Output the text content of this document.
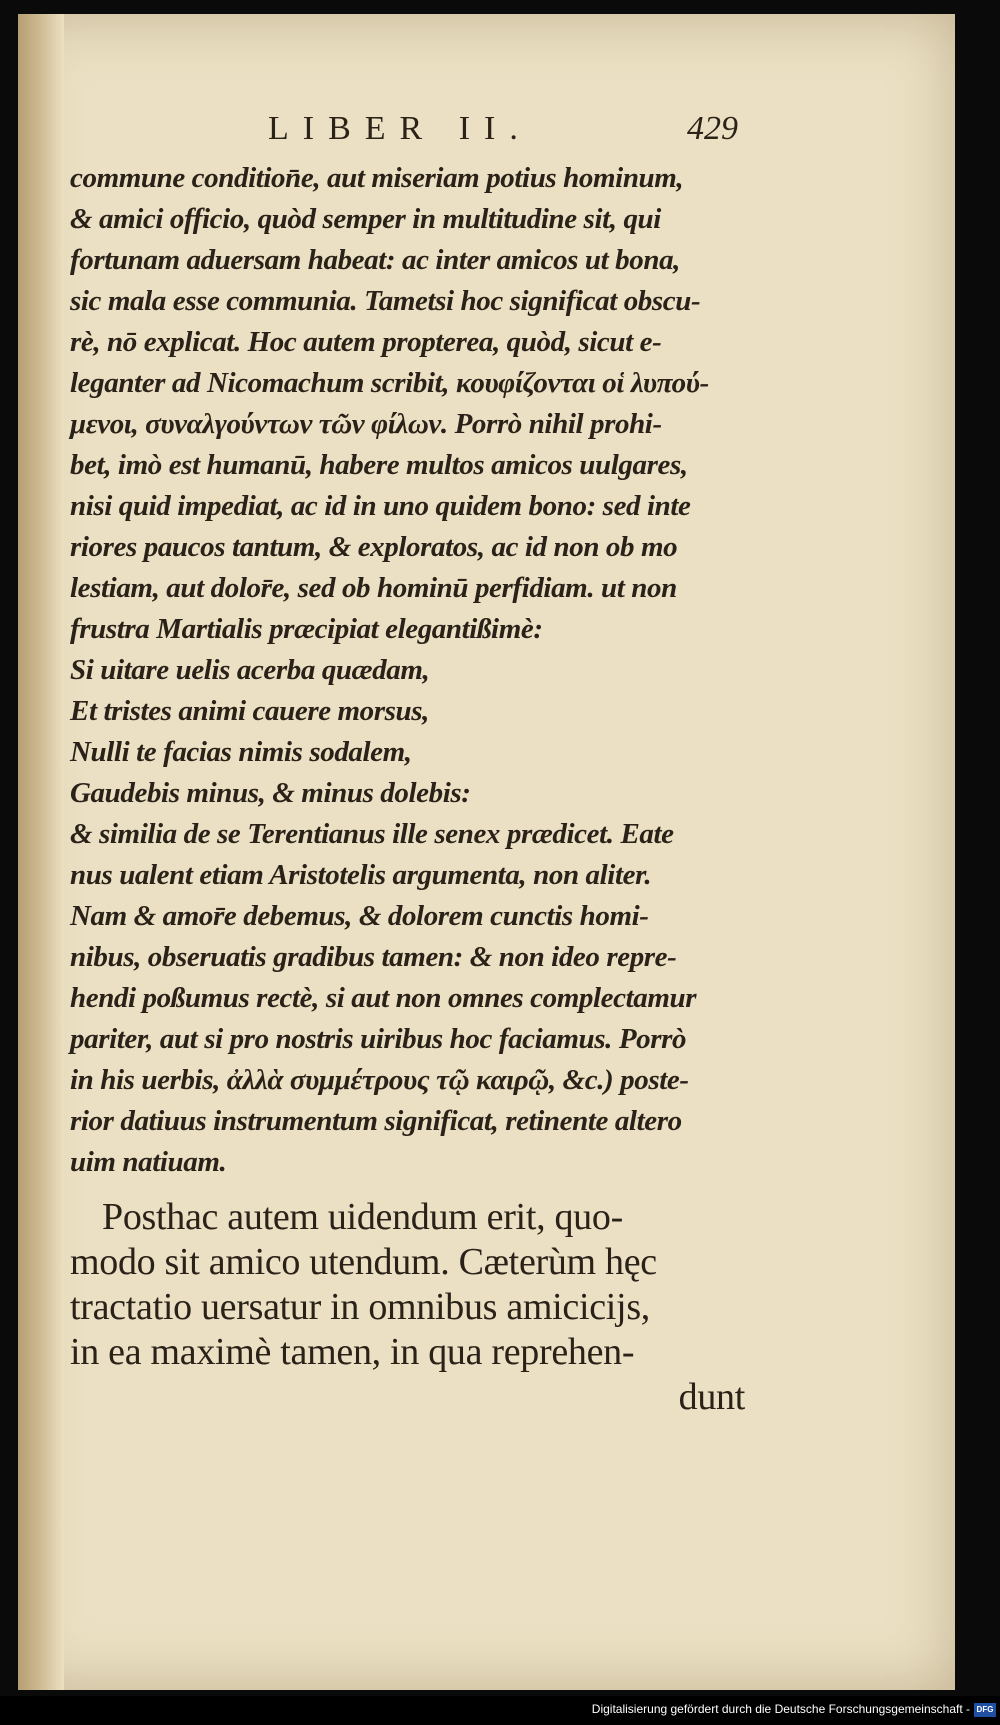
LIBER II.	429
commune condition̄e, aut miseriam potius hominum,
& amici officio, quòd semper in multitudine sit, qui
fortunam aduersam habeat: ac inter amicos ut bona,
sic mala esse communia. Tametsi hoc significat obscu-
rè, nō explicat. Hoc autem propterea, quòd, sicut e-
leganter ad Nicomachum scribit, κουφίζονται οἱ λυπού-
μενοι, συναλγούντων τῶν φίλων. Porrò nihil prohi-
bet, imò est humanū, habere multos amicos uulgares,
nisi quid impediat, ac id in uno quidem bono: sed inte
riores paucos tantum, & exploratos, ac id non ob mo
lestiam, aut dolor̄e, sed ob hominū perfidiam. ut non
frustra Martialis præcipiat elegantißimè:
Si uitare uelis acerba quædam,
Et tristes animi cauere morsus,
Nulli te facias nimis sodalem,
Gaudebis minus, & minus dolebis:
& similia de se Terentianus ille senex prædicet. Eate
nus ualent etiam Aristotelis argumenta, non aliter.
Nam & amor̄e debemus, & dolorem cunctis homi-
nibus, obseruatis gradibus tamen: & non ideo repre-
hendi poßumus rectè, si aut non omnes complectamur
pariter, aut si pro nostris uiribus hoc faciamus. Porrò
in his uerbis, ἀλλὰ συμμέτρους τῷ καιρῷ, &c.) poste-
rior datiuus instrumentum significat, retinente altero
uim natiuam.
Posthac autem uidendum erit, quo-
modo sit amico utendum. Cæterùm hęc
tractatio uersatur in omnibus amicicijs,
in ea maximè tamen, in qua reprehen-
dunt
Digitalisierung gefördert durch die Deutsche Forschungsgemeinschaft - DFG
